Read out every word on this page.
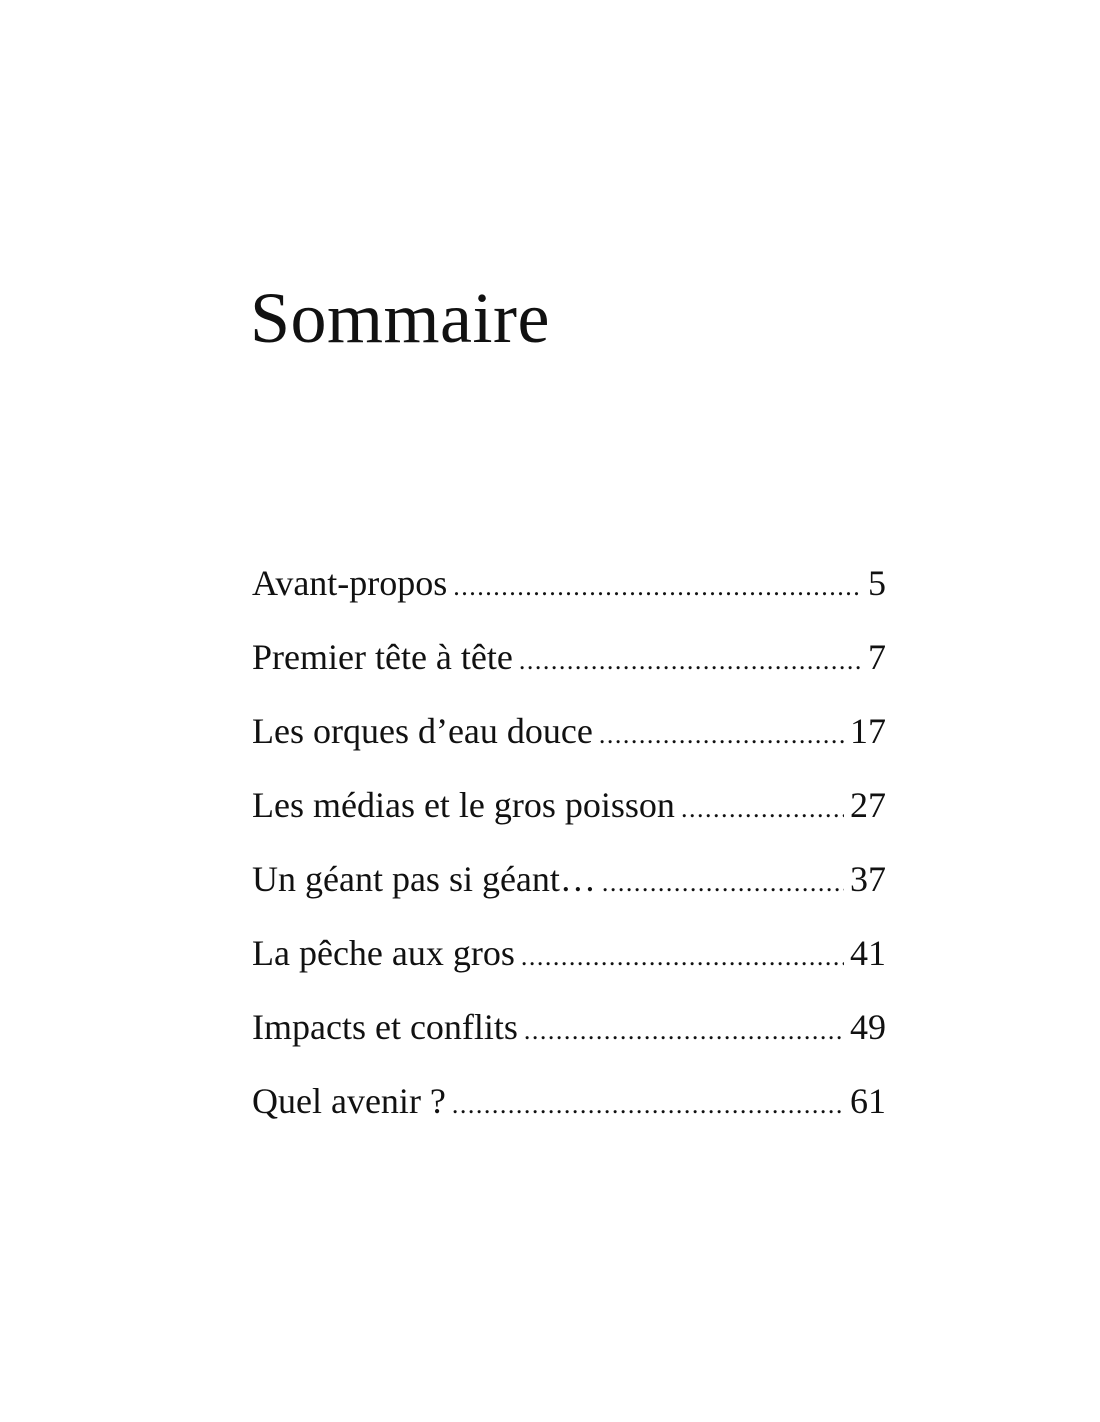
Sommaire
Avant-propos .....	5
Premier tête à tête .....	7
Les orques d’eau douce .....	17
Les médias et le gros poisson .....	27
Un géant pas si géant… .....	37
La pêche aux gros .....	41
Impacts et conflits .....	49
Quel avenir ? .....	61
